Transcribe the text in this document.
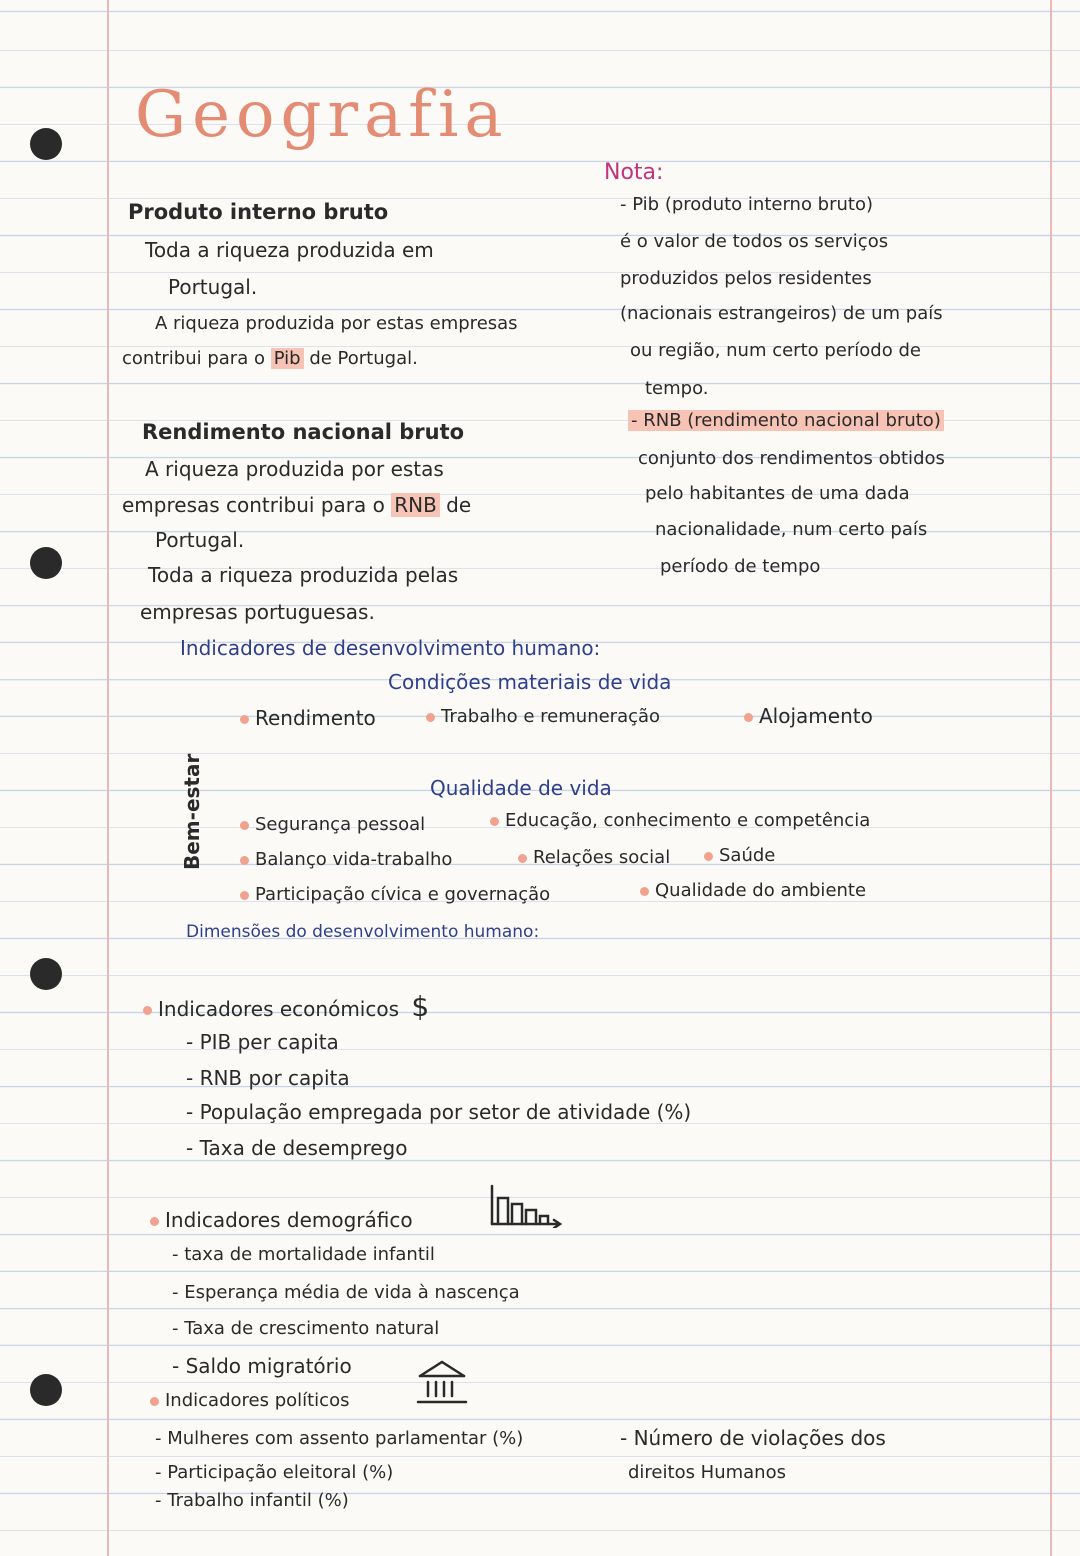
Geografia
Produto interno bruto
Toda a riqueza produzida em
Portugal.
A riqueza produzida por estas empresas
contribui para o Pib de Portugal.
Rendimento nacional bruto
A riqueza produzida por estas
empresas contribui para o RNB de
Portugal.
Toda a riqueza produzida pelas
empresas portuguesas.
Nota:
- Pib (produto interno bruto)
é o valor de todos os serviços
produzidos pelos residentes
(nacionais estrangeiros) de um país
ou região, num certo período de
tempo.
- RNB (rendimento nacional bruto)
conjunto dos rendimentos obtidos
pelo habitantes de uma dada
nacionalidade, num certo país
período de tempo
Indicadores de desenvolvimento humano:
Condições materiais de vida
Bem-estar
Rendimento	Trabalho e remuneração	Alojamento
Qualidade de vida
Segurança pessoal	Educação, conhecimento e competência
Balanço vida-trabalho	Relações social	Saúde
Participação cívica e governação	Qualidade do ambiente
Dimensões do desenvolvimento humano:
Indicadores económicos $
- PIB per capita
- RNB por capita
- População empregada por setor de atividade (%)
- Taxa de desemprego
Indicadores demográfico
- taxa de mortalidade infantil
- Esperança média de vida à nascença
- Taxa de crescimento natural
- Saldo migratório
Indicadores políticos
- Mulheres com assento parlamentar (%)
- Participação eleitoral (%)
- Trabalho infantil (%)
- Número de violações dos
direitos Humanos
